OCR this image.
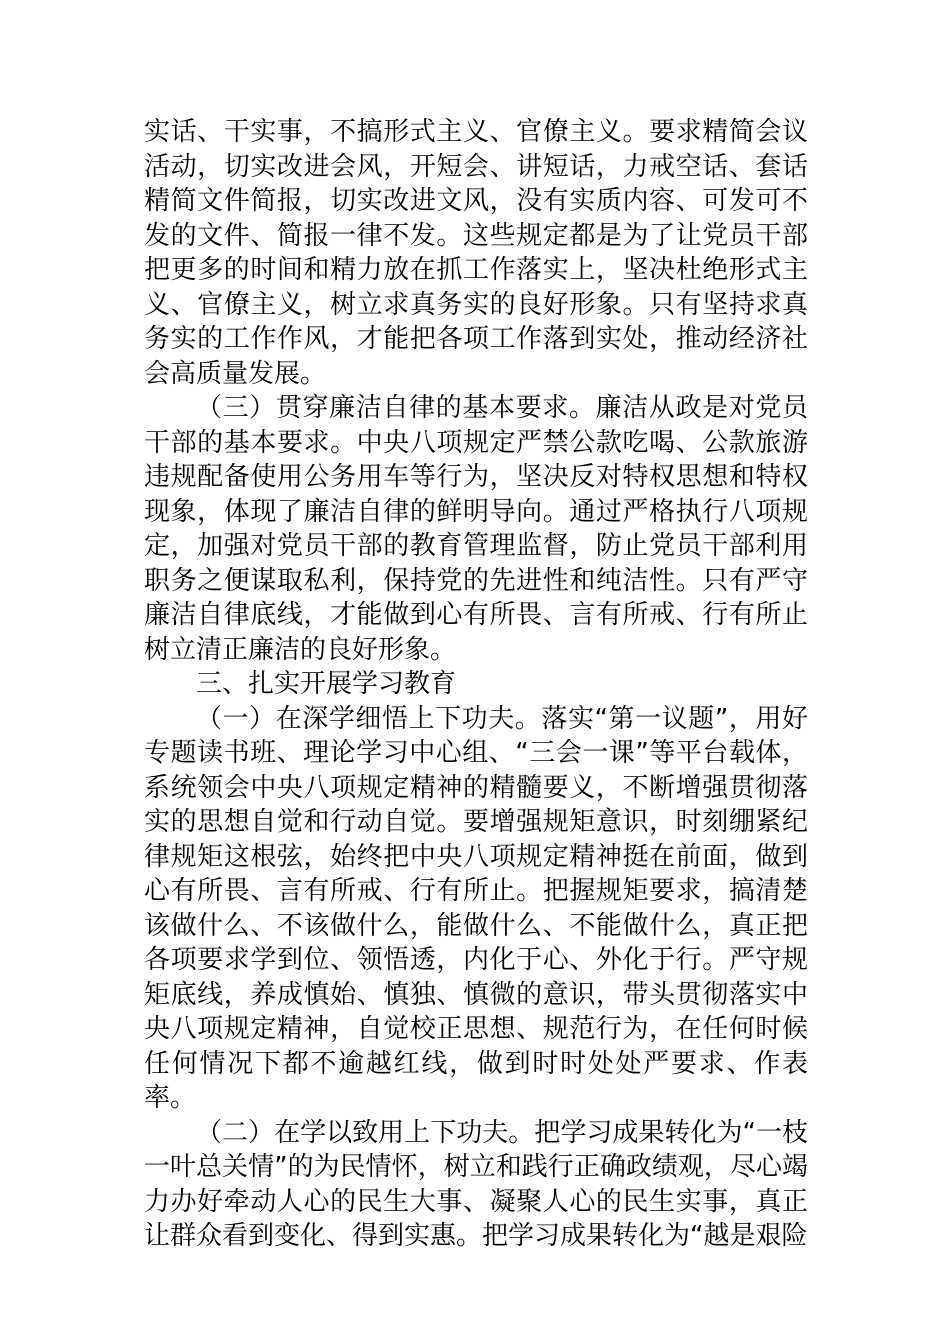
实话、干实事，不搞形式主义、官僚主义。要求精简会议活动，切实改进会风，开短会、讲短话，力戒空话、套话精简文件简报，切实改进文风，没有实质内容、可发可不发的文件、简报一律不发。这些规定都是为了让党员干部把更多的时间和精力放在抓工作落实上，坚决杜绝形式主义、官僚主义，树立求真务实的良好形象。只有坚持求真务实的工作作风，才能把各项工作落到实处，推动经济社会高质量发展。

（三）贯穿廉洁自律的基本要求。廉洁从政是对党员干部的基本要求。中央八项规定严禁公款吃喝、公款旅游违规配备使用公务用车等行为，坚决反对特权思想和特权现象，体现了廉洁自律的鲜明导向。通过严格执行八项规定，加强对党员干部的教育管理监督，防止党员干部利用职务之便谋取私利，保持党的先进性和纯洁性。只有严守廉洁自律底线，才能做到心有所畏、言有所戒、行有所止树立清正廉洁的良好形象。

三、扎实开展学习教育

（一）在深学细悟上下功夫。落实“第一议题”，用好专题读书班、理论学习中心组、“三会一课”等平台载体，系统领会中央八项规定精神的精髓要义，不断增强贯彻落实的思想自觉和行动自觉。要增强规矩意识，时刻绷紧纪律规矩这根弦，始终把中央八项规定精神挺在前面，做到心有所畏、言有所戒、行有所止。把握规矩要求，搞清楚该做什么、不该做什么，能做什么、不能做什么，真正把各项要求学到位、领悟透，内化于心、外化于行。严守规矩底线，养成慎始、慎独、慎微的意识，带头贯彻落实中央八项规定精神，自觉校正思想、规范行为，在任何时候任何情况下都不逾越红线，做到时时处处严要求、作表率。

（二）在学以致用上下功夫。把学习成果转化为“一枝一叶总关情”的为民情怀，树立和践行正确政绩观，尽心竭力办好牵动人心的民生大事、凝聚人心的民生实事，真正让群众看到变化、得到实惠。把学习成果转化为“越是艰险
